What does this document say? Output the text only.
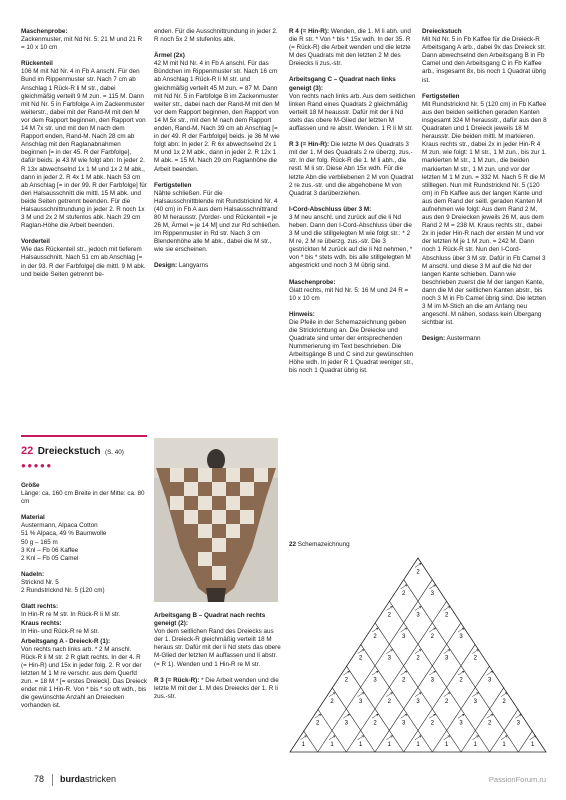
Maschenprobe:
Zackenmuster, mit Nd Nr. 5: 21 M und 21 R = 10 x 10 cm

Rückenteil
106 M mit Nd Nr. 4 in Fb A anschl. Für den Bund im Rippenmuster str. Nach 7 cm ab Anschlag 1 Rück-R li M str., dabei gleichmäßig verteilt 9 M zun. = 115 M. Dann mit Nd Nr. 5 in Farbfolge A im Zackenmuster weiterstr., dabei mit der Rand-M mit den M vor dem Rapport beginnen, den Rapport von 14 M 7x str. und mit den M nach dem Rapport enden, Rand-M. Nach 28 cm ab Anschlag mit den Raglanabnahmen beginnen [= in der 45. R der Farbfolge], dafür beids. je 43 M wie folgt abn: In jeder 2. R 13x abwechselnd 1x 1 M und 1x 2 M abk., dann in jeder 2. R 4x 1 M abk. Nach 53 cm ab Anschlag [= in der 99. R der Farbfolge] für den Halsausschnitt die mittl. 15 M abk. und beide Seiten getrennt beenden. Für die Halsausschnittrundung in jeder 2. R noch 1x 3 M und 2x 2 M stufenlos abk. Nach 29 cm Raglan-Höhe die Arbeit beenden.

Vorderteil
Wie das Rückenteil str., jedoch mit tieferem Halsausschnitt. Nach 51 cm ab Anschlag [= in der 93. R der Farbfolge] die mittl. 9 M abk. und beide Seiten getrennt be-

enden. Für die Ausschnittrundung in jeder 2. R noch 5x 2 M stufenlos abk.

Ärmel (2x)
42 M mit Nd Nr. 4 in Fb A anschl. Für das Bündchen im Rippenmuster str. Nach 16 cm ab Anschlag 1 Rück-R li M str. und gleichmäßig verteilt 45 M zun. = 87 M. Dann mit Nd Nr. 5 in Farbfolge B im Zackenmuster weiter str., dabei nach der Rand-M mit den M vor dem Rapport beginnen, den Rapport von 14 M 5x str., mit den M nach dem Rapport enden, Rand-M. Nach 39 cm ab Anschlag [= in der 49. R der Farbfolge] beids. je 36 M wie folgt abn: In jeder 2. R 6x abwechselnd 2x 1 M und 1x 2 M abk., dann in jeder 2. R 12x 1 M abk. = 15 M. Nach 29 cm Raglanhöhe die Arbeit beenden.

Fertigstellen
Nähte schließen. Für die Halsausschnittblende mit Rundstricknd Nr. 4 (40 cm) in Fb A aus dem Halsausschnittrand 80 M herausstr. [Vorder- und Rückenteil = je 26 M, Ärmel = je 14 M] und zur Rd schließen. Im Rippenmuster in Rd str. Nach 3 cm Blendenhöhe alle M abk., dabei die M str., wie sie erscheinen.

Design: Langyarns

R 4 (= Hin-R): Wenden, die 1. M li abh. und die R str. * Von * bis * 15x wdh. In der 35. R (= Rück-R) die Arbeit wenden und die letzte M des Quadrats mit den letzten 2 M des Dreiecks li zus.-str.

Arbeitsgang C – Quadrat nach links geneigt (3):
Von rechts nach links arb. Aus dem seitlichen linken Rand eines Quadrats 2 gleichmäßig verteilt 18 M heausstr. Dafür mit der li Nd stets das obere M-Glied der letzten M auffassen und re abstr. Wenden. 1 R li M str.

R 3 (= Hin-R): Die letzte M des Quadrats 3 mit der 1. M des Quadrats 2 re überzg. zus.-str. In der folg. Rück-R die 1. M li abh., die restl. M li str. Diese Abn 15x wdh. Für die letzte Abn die verbliebenen 2 M von Quadrat 2 re zus.-str. und die abgehobene M von Quadrat 3 darüberziehen.

I-Cord-Abschluss über 3 M:
3 M neu anschl. und zurück auf die li Nd heben. Dann den I-Cord-Abschluss über die 3 M und die stillgelegten M wie folgt str.: * 2 M re, 2 M re überzg. zus.-str. Die 3 gestrickten M zurück auf die li Nd nehmen, * von * bis * stets wdh. bis alle stillgelegten M abgestrickt und noch 3 M übrig sind.

Maschenprobe:
Glatt rechts, mit Nd Nr. 5: 16 M und 24 R = 10 x 10 cm

Hinweis:
Die Pfeile in der Schemazeichnung geben die Strickrichtung an. Die Dreiecke und Quadrate sind unter der entsprechenden Nummerierung im Text beschrieben. Die Arbeitsgänge B und C sind zur gewünschten Höhe wdh. In jeder R 1 Quadrat weniger str., bis noch 1 Quadrat übrig ist.

Dreieckstuch
Mit Nd Nr. 5 in Fb Kaffee für die Dreieck-R Arbeitsgang A arb., dabei 9x das Dreieck str. Dann abwechselnd den Arbeitsgang B in Fb Camel und den Arbeitsgang C in Fb Kaffee arb., insgesamt 8x, bis noch 1 Quadrat übrig ist.

Fertigstellen
Mit Rundstricknd Nr. 5 (120 cm) in Fb Kaffee aus den beiden seitlichen geraden Kanten insgesamt 324 M herausstr., dafür aus den 8 Quadraten und 1 Dreieck jeweils 18 M herausstr. Die beiden mittl. M markieren. Kraus rechts str., dabei 2x in jeder Hin-R 4 M zun. wie folgt: 1 M str., 1 M zun., bis zur 1. markierten M str., 1 M zun., die beiden markierten M str., 1 M zun. und vor der letzten M 1 M zun. = 332 M. Nach 5 R die M stilllegen. Nun mit Rundstricknd Nr. 5 (120 cm) in Fb Kaffee aus der langen Kante und aus dem Rand der seitl. geraden Kanten M aufnehmen wie folgt: Aus dem Rand 2 M, aus den 9 Dreiecken jeweils 26 M, aus dem Rand 2 M = 238 M. Kraus rechts str., dabei 2x in jeder Hin-R nach der ersten M und vor der letzten M je 1 M zun. = 242 M. Dann noch 1 Rück-R str. Nun den I-Cord-Abschluss über 3 M str. Dafür in Fb Camel 3 M anschl. und diese 3 M auf die Nd der langen Kante schieben. Dann wie beschrieben zuerst die M der langen Kante, dann die M der seitlichen Kanten abstr., bis noch 3 M in Fb Camel übrig sind. Die letzten 3 M im M-Stich an die am Anfang neu angeschl. M nähen, sodass kein Übergang sichtbar ist.

Design: Austermann

22 Dreieckstuch (S. 40)
●●●●●

Größe
Länge: ca. 160 cm Breite in der Mitte: ca. 80 cm

Material
Austermann, Alpaca Cotton
51 % Alpaca, 49 % Baumwolle
50 g – 165 m
3 Knl – Fb 06 Kaffee
2 Knl – Fb 05 Camel

Nadeln:
Stricknd Nr. 5
2 Rundstricknd Nr. 5 (120 cm)

Glatt rechts:
In Hin-R re M str. In Rück-R li M str.

Kraus rechts:
In Hin- und Rück-R re M str.

Arbeitsgang A - Dreieck-R (1):
Von rechts nach links arb. * 2 M anschl. Rück-R li M str. 2 R glatt rechts. In der 4. R (= Hin-R) und 15x in jeder folg. 2. R vor der letzten M 1 M re verschr. aus dem Querfd zun. = 18 M * [= erstes Dreieck]. Das Dreieck endet mit 1 Hin-R. Von * bis * so oft wdh., bis die gewünschte Anzahl an Dreiecken vorhanden ist.

Arbeitsgang B – Quadrat nach rechts geneigt (2):
Von dem seitlichen Rand des Dreiecks aus der 1. Dreieck-R gleichmäßig verteilt 18 M heraus str. Dafür mit der li Nd stets das obere M-Glied der letzten M auffassen und li abstr. (= R 1). Wenden und 1 Hin-R re M str.

R 3 (= Rück-R): * Die Arbeit wenden und die letzte M mit der 1. M des Dreiecks der 1. R li zus.-str.

22 Schemazeichnung
2
2	3
2	3	2
2	3	2	3
2	3	2	3	2
2	3	2	3	2	3
2	3	2	3	2	3	2
2	3	2	3	2	3	2	3
1	1	1	1	1	1	1	1	1
78 burdastricken	PassionForum.ru
